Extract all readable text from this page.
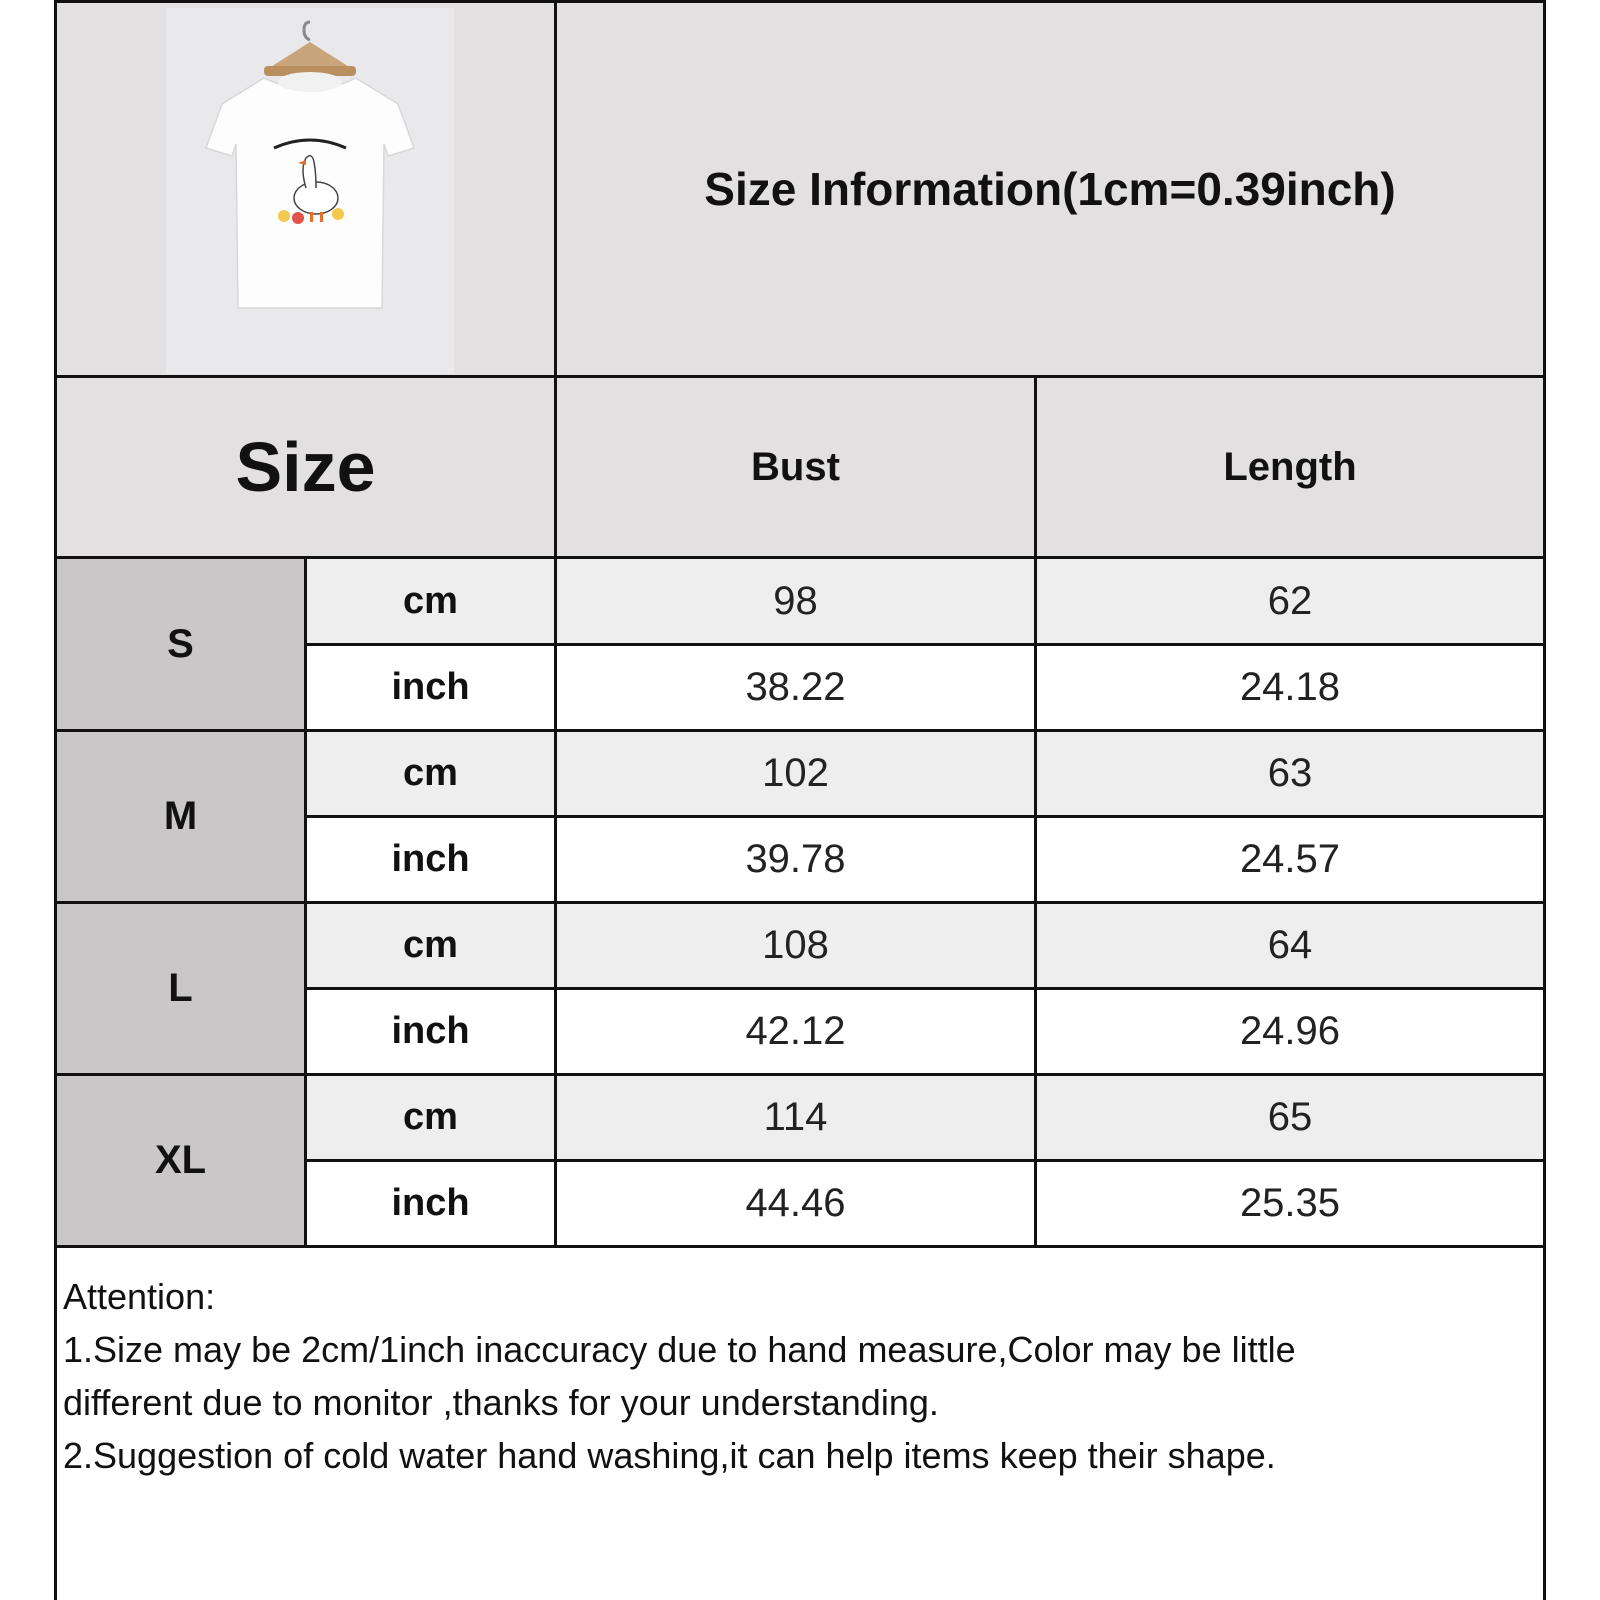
Size Information(1cm=0.39inch)
Size	Bust	Length
S
cm	98	62
inch	38.22	24.18
M
cm	102	63
inch	39.78	24.57
L
cm	108	64
inch	42.12	24.96
XL
cm	114	65
inch	44.46	25.35
Attention:
1.Size may be 2cm/1inch inaccuracy due to hand measure,Color may be little
different due to monitor ,thanks for your understanding.
2.Suggestion of cold water hand washing,it can help items keep their shape.
